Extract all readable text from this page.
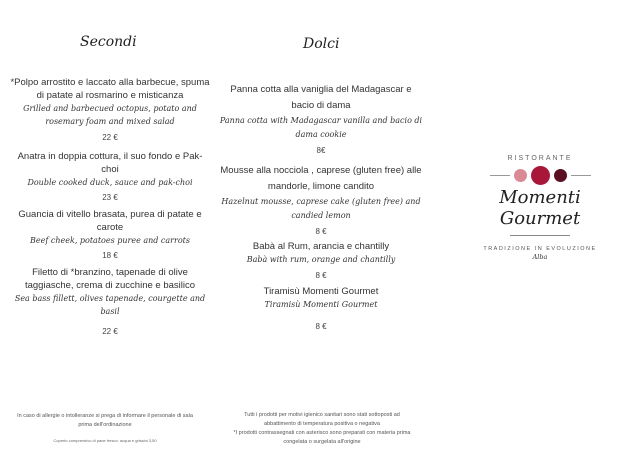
Secondi
*Polpo arrostito e laccato alla barbecue, spuma di patate al rosmarino e misticanza
Grilled and barbecued octopus, potato and rosemary foam and mixed salad
22 €
Anatra in doppia cottura, il suo fondo e Pak-choi
Double cooked duck, sauce and pak-choi
23 €
Guancia di vitello brasata, purea di patate e carote
Beef cheek, potatoes puree and carrots
18 €
Filetto di *branzino, tapenade di olive taggiasche, crema di zucchine e basilico
Sea bass fillett, olives tapenade, courgette and basil
22 €
In caso di allergie o intolleranze si prega di informare il personale di sala prima dell'ordinazione
Coperto comprensivo di pane fresco, acqua e grissini 3,50
Dolci
Panna cotta alla vaniglia del Madagascar e bacio di dama
Panna cotta with Madagascar vanilla and bacio di dama cookie
8€
Mousse alla nocciola , caprese (gluten free) alle mandorle, limone candito
Hazelnut mousse, caprese cake (gluten free) and candied lemon
8 €
Babà al Rum, arancia e chantilly
Babà with rum, orange and chantilly
8 €
Tiramisù Momenti Gourmet
Tiramisù Momenti Gourmet
8 €
Tutti i prodotti per motivi igienico sanitari sono stati sottoposti ad abbattimento di temperatura positiva o negativa
*I prodotti contrassegnati con asterisco sono preparati con materia prima congelata o surgelata all'origine
RISTORANTE
Momenti Gourmet
TRADIZIONE IN EVOLUZIONE
Alba
